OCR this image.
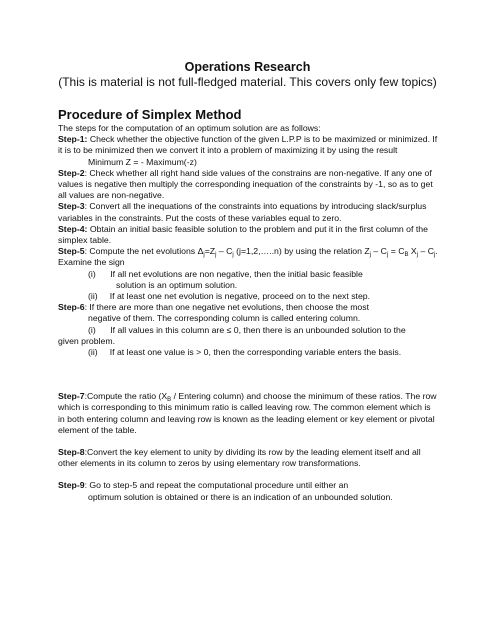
Operations Research
(This is material is not full-fledged material. This covers only few topics)
Procedure of Simplex Method

The steps for the computation of an optimum solution are as follows:

Step-1: Check whether the objective function of the given L.P.P is to be maximized or minimized. If it is to be minimized then we convert it into a problem of maximizing it by using the result

Minimum Z = - Maximum(-z)

Step-2: Check whether all right hand side values of the constrains are non-negative. If any one of values is negative then multiply the corresponding inequation of the constraints by -1, so as to get all values are non-negative.

Step-3: Convert all the inequations of the constraints into equations by introducing slack/surplus variables in the constraints. Put the costs of these variables equal to zero.

Step-4: Obtain an initial basic feasible solution to the problem and put it in the first column of the simplex table.

Step-5: Compute the net evolutions $\Delta_j=Z_j - C_j$ (j=1,2,…..n) by using the relation $Z_j - C_j = C_B$ $X_j - C_j$.

Examine the sign

(i) If all net evolutions are non negative, then the initial basic feasible

solution is an optimum solution.

(ii) If at least one net evolution is negative, proceed on to the next step.

Step-6: If there are more than one negative net evolutions, then choose the most

negative of them. The corresponding column is called entering column.

(i) If all values in this column are ≤ 0, then there is an unbounded solution to the

given problem.

(ii) If at least one value is > 0, then the corresponding variable enters the basis.

Step-7:Compute the ratio ($X_B$ / Entering column) and choose the minimum of these ratios. The row which is corresponding to this minimum ratio is called leaving row. The common element which is in both entering column and leaving row is known as the leading element or key element or pivotal element of the table.

Step-8:Convert the key element to unity by dividing its row by the leading element itself and all other elements in its column to zeros by using elementary row transformations.

Step-9: Go to step-5 and repeat the computational procedure until either an

optimum solution is obtained or there is an indication of an unbounded solution.
